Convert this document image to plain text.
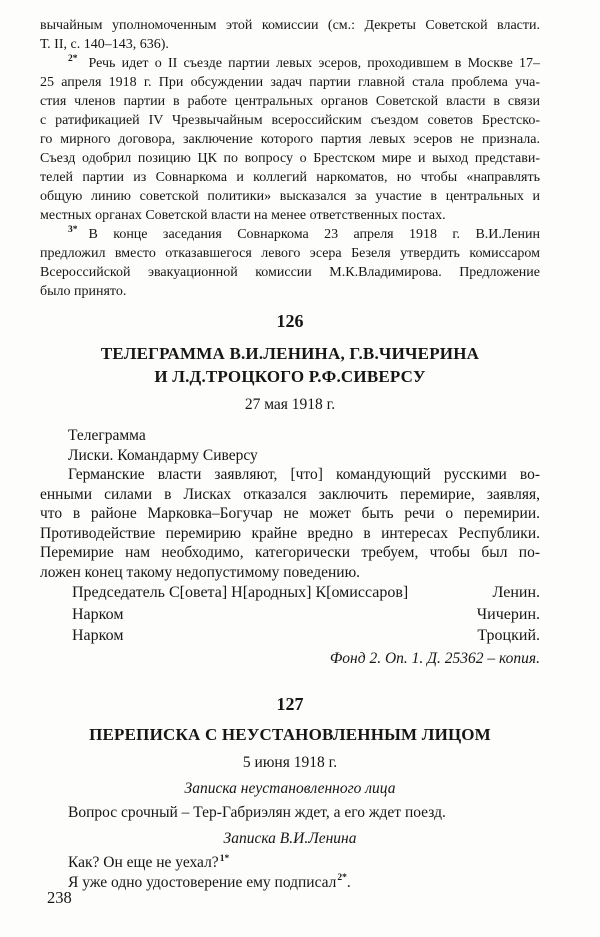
вычайным уполномоченным этой комиссии (см.: Декреты Советской власти.
Т. II, с. 140–143, 636).
$^{2*}$ Речь идет о II съезде партии левых эсеров, проходившем в Москве 17–
25 апреля 1918 г. При обсуждении задач партии главной стала проблема уча-
стия членов партии в работе центральных органов Советской власти в связи
с ратификацией IV Чрезвычайным всероссийским съездом советов Брестско-
го мирного договора, заключение которого партия левых эсеров не признала.
Съезд одобрил позицию ЦК по вопросу о Брестском мире и выход представи-
телей партии из Совнаркома и коллегий наркоматов, но чтобы «направлять
общую линию советской политики» высказался за участие в центральных и
местных органах Советской власти на менее ответственных постах.
$^{3*}$ В конце заседания Совнаркома 23 апреля 1918 г. В.И.Ленин
предложил вместо отказавшегося левого эсера Безеля утвердить комиссаром
Всероссийской эвакуационной комиссии М.К.Владимирова. Предложение
было принято.
126
ТЕЛЕГРАММА В.И.ЛЕНИНА, Г.В.ЧИЧЕРИНА
И Л.Д.ТРОЦКОГО Р.Ф.СИВЕРСУ
27 мая 1918 г.
Телеграмма
Лиски. Командарму Сиверсу
Германские власти заявляют, [что] командующий русскими во-
енными силами в Лисках отказался заключить перемирие, заявляя,
что в районе Марковка–Богучар не может быть речи о перемирии.
Противодействие перемирию крайне вредно в интересах Республики.
Перемирие нам необходимо, категорически требуем, чтобы был по-
ложен конец такому недопустимому поведению.
Председатель С[овета] Н[ародных] К[омиссаров]	Ленин.
Нарком	Чичерин.
Нарком	Троцкий.
Фонд 2. Оп. 1. Д. 25362 – копия.
127
ПЕРЕПИСКА С НЕУСТАНОВЛЕННЫМ ЛИЦОМ
5 июня 1918 г.
Записка неустановленного лица
Вопрос срочный – Тер-Габриэлян ждет, а его ждет поезд.
Записка В.И.Ленина
Как? Он еще не уехал?$^{1*}$
Я уже одно удостоверение ему подписал$^{2*}$.
238
